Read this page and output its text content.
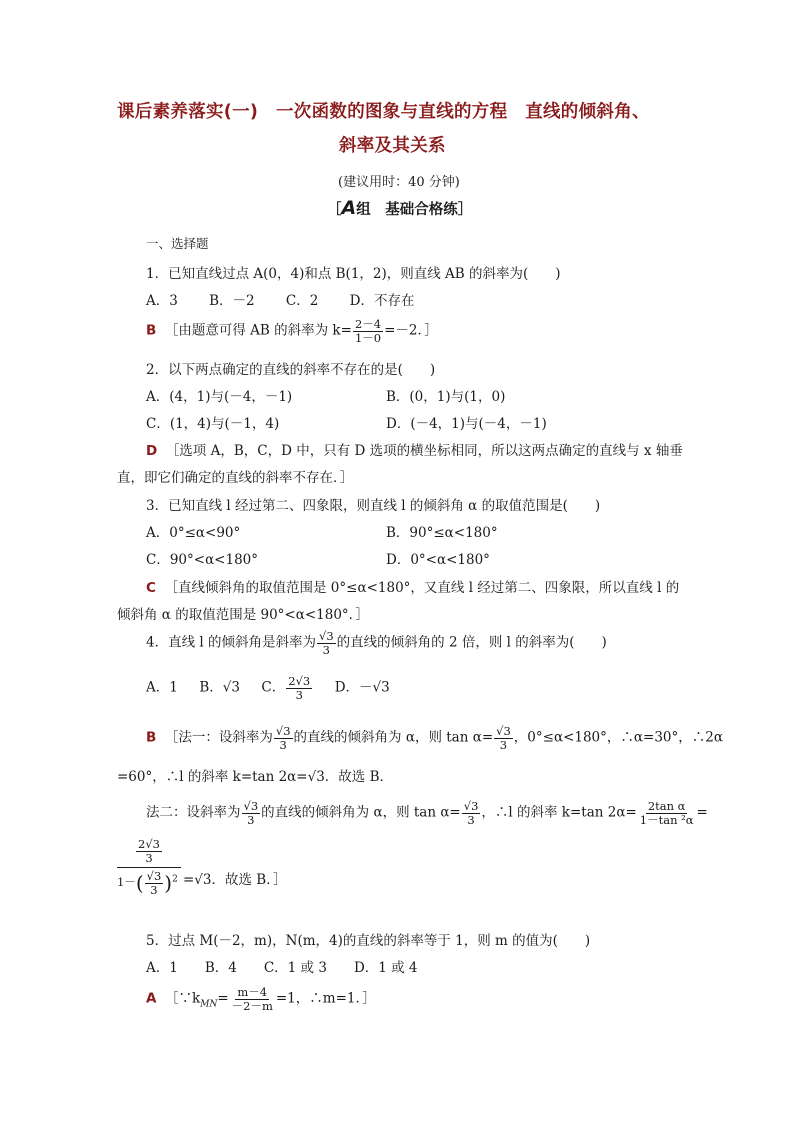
课后素养落实(一)　一次函数的图象与直线的方程　直线的倾斜角、
斜率及其关系
(建议用时：40 分钟)
［A组　基础合格练］
一、选择题
1．已知直线过点 A(0，4)和点 B(1，2)，则直线 AB 的斜率为(　　)
A．3　　 B．－2　　 C．2　　 D．不存在
B ［由题意可得 AB 的斜率为 $k= \frac{2-4}{1-0} =-2$．］
2．以下两点确定的直线的斜率不存在的是(　　)
A．(4，1)与(－4，－1)	B．(0，1)与(1，0)
C．(1，4)与(－1，4)	D．(－4，1)与(－4，－1)
D ［选项 A，B，C，D 中，只有 D 选项的横坐标相同，所以这两点确定的直线与 x 轴垂
直，即它们确定的直线的斜率不存在．］
3．已知直线 l 经过第二、四象限，则直线 l 的倾斜角 α 的取值范围是(　　)
A．0°≤α<90°	B．90°≤α<180°
C．90°<α<180°	D．0°<α<180°
C ［直线倾斜角的取值范围是 0°≤α<180°，又直线 l 经过第二、四象限，所以直线 l 的
倾斜角 α 的取值范围是 90°<α<180°．］
4．直线 l 的倾斜角是斜率为 $\frac{√3}{3}$ 的直线的倾斜角的 2 倍，则 l 的斜率为(　　)
A．1 B．√3 C． $\frac{2√3}{3}$ D．－√3
B ［法一：设斜率为 $\frac{√3}{3}$ 的直线的倾斜角为 α，则 $\tan \alpha= \frac{√3}{3}$ ，0°≤α<180°，∴α=30°，∴2α
=60°，∴l 的斜率 k=tan 2α=√3．故选 B．
法二：设斜率为 $\frac{√3}{3}$ 的直线的倾斜角为 α，则 $\tan \alpha= \frac{√3}{3}$ ，∴l 的斜率 k=tan $2\alpha= \frac{\text{2tan α}}{\text{1－tan ²α}}$ =
$\frac{2√3}{3}$
$1-( \frac{√3}{3} )^2 =√3$．故选 B．］
5．过点 M(－2，m)，N(m，4)的直线的斜率等于 1，则 m 的值为(　　)
A．1　　B．4　　C．1 或 3　　D．1 或 4
A $[\because k_{MN}= \frac{m-4}{-2-m} =1$，∴m=1．］
